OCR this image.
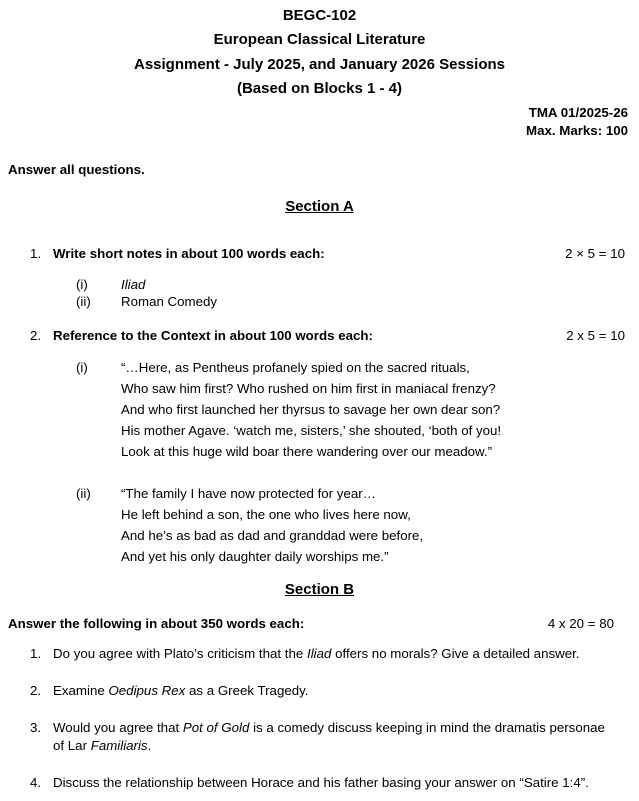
BEGC-102
European Classical Literature
Assignment - July 2025, and January 2026 Sessions
(Based on Blocks 1 - 4)
TMA 01/2025-26
Max. Marks: 100
Answer all questions.
Section A
1. Write short notes in about 100 words each:	2 × 5 = 10
(i) Iliad
(ii) Roman Comedy
2. Reference to the Context in about 100 words each:	2 x 5 = 10
(i) “…Here, as Pentheus profanely spied on the sacred rituals,
Who saw him first? Who rushed on him first in maniacal frenzy?
And who first launched her thyrsus to savage her own dear son?
His mother Agave. ‘watch me, sisters,’ she shouted, ‘both of you!
Look at this huge wild boar there wandering over our meadow.”
(ii) “The family I have now protected for year…
He left behind a son, the one who lives here now,
And he’s as bad as dad and granddad were before,
And yet his only daughter daily worships me.”
Section B
Answer the following in about 350 words each:	4 x 20 = 80
1. Do you agree with Plato’s criticism that the Iliad offers no morals? Give a detailed answer.
2. Examine Oedipus Rex as a Greek Tragedy.
3. Would you agree that Pot of Gold is a comedy discuss keeping in mind the dramatis personae
of Lar Familiaris.
4. Discuss the relationship between Horace and his father basing your answer on “Satire 1:4”.
